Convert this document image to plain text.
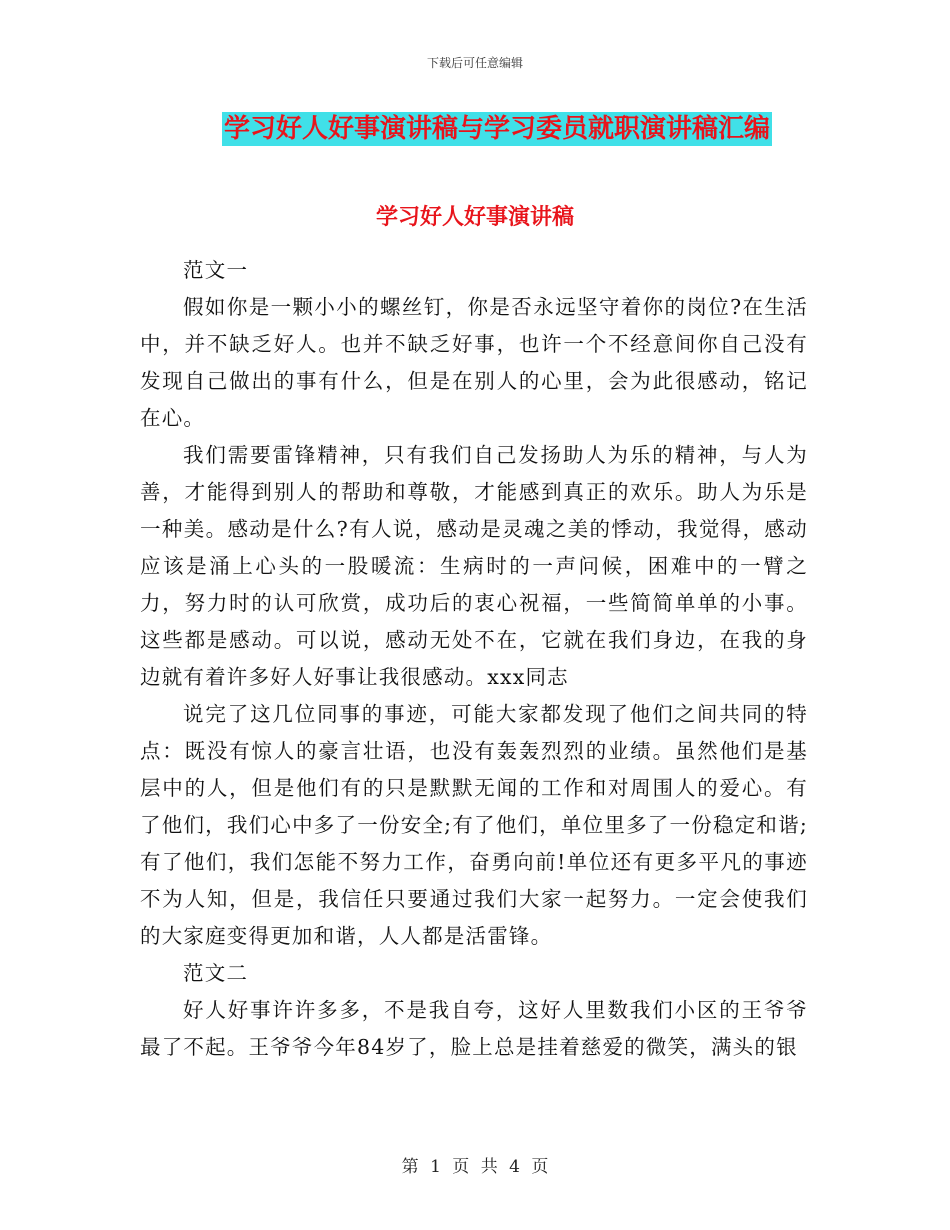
下载后可任意编辑
学习好人好事演讲稿与学习委员就职演讲稿汇编
学习好人好事演讲稿

范文一

假如你是一颗小小的螺丝钉，你是否永远坚守着你的岗位?在生活中，并不缺乏好人。也并不缺乏好事，也许一个不经意间你自己没有发现自己做出的事有什么，但是在别人的心里，会为此很感动，铭记在心。

我们需要雷锋精神，只有我们自己发扬助人为乐的精神，与人为善，才能得到别人的帮助和尊敬，才能感到真正的欢乐。助人为乐是一种美。感动是什么?有人说，感动是灵魂之美的悸动，我觉得，感动应该是涌上心头的一股暖流：生病时的一声问候，困难中的一臂之力，努力时的认可欣赏，成功后的衷心祝福，一些简简单单的小事。这些都是感动。可以说，感动无处不在，它就在我们身边，在我的身边就有着许多好人好事让我很感动。xxx同志

说完了这几位同事的事迹，可能大家都发现了他们之间共同的特点：既没有惊人的豪言壮语，也没有轰轰烈烈的业绩。虽然他们是基层中的人，但是他们有的只是默默无闻的工作和对周围人的爱心。有了他们，我们心中多了一份安全;有了他们，单位里多了一份稳定和谐;有了他们，我们怎能不努力工作，奋勇向前!单位还有更多平凡的事迹不为人知，但是，我信任只要通过我们大家一起努力。一定会使我们的大家庭变得更加和谐，人人都是活雷锋。

范文二

好人好事许许多多，不是我自夸，这好人里数我们小区的王爷爷最了不起。王爷爷今年84岁了，脸上总是挂着慈爱的微笑，满头的银

第 1 页 共 4 页
